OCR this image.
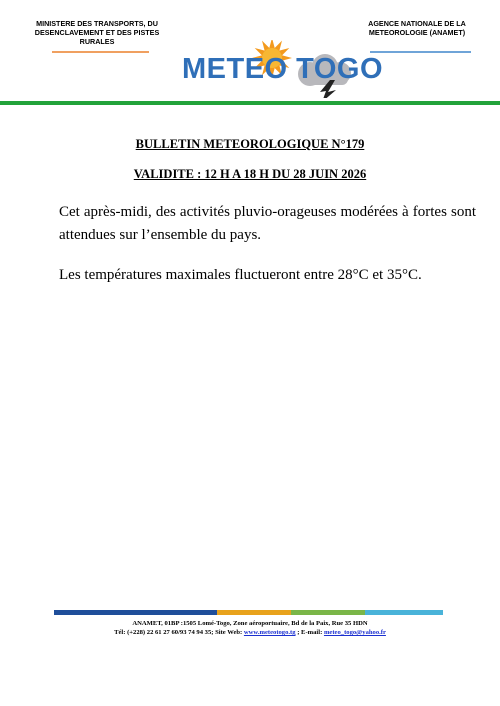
MINISTERE DES TRANSPORTS, DU
DESENCLAVEMENT ET DES PISTES
RURALES
AGENCE NATIONALE DE LA
METEOROLOGIE (ANAMET)
METEO TOGO
BULLETIN METEOROLOGIQUE N°179
VALIDITE : 12 H A 18 H DU 28 JUIN 2026
Cet après-midi, des activités pluvio-orageuses modérées à fortes sont attendues sur l’ensemble du pays.
Les températures maximales fluctueront entre 28°C et 35°C.
ANAMET, 01BP :1505 Lomé-Togo, Zone aéroportuaire, Bd de la Paix, Rue 35 HDN
Tél: (+228) 22 61 27 60/93 74 94 35; Site Web: www.meteotogo.tg ; E-mail: meteo_togo@yahoo.fr
